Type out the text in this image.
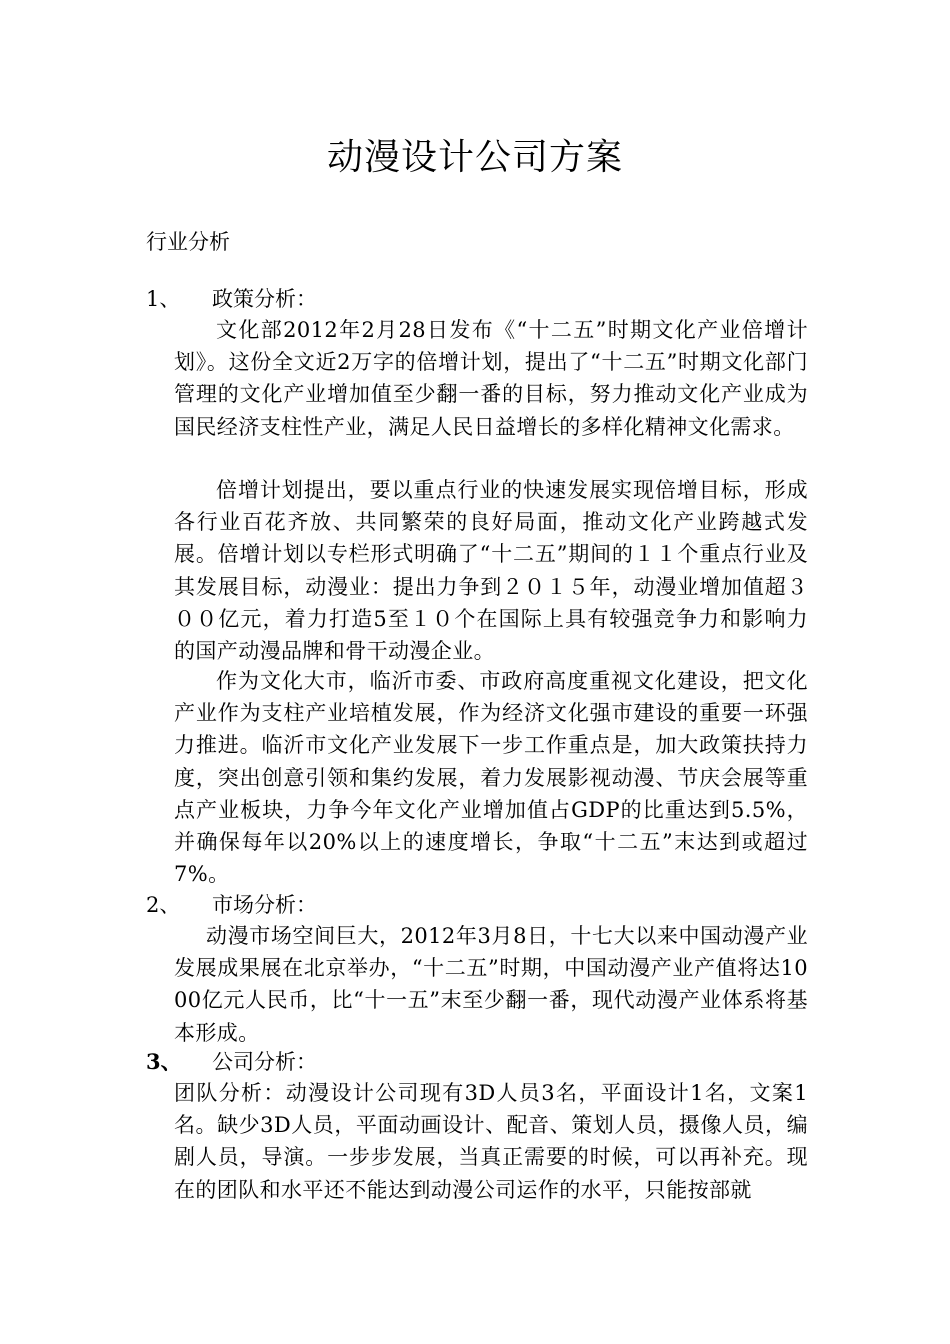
动漫设计公司方案
行业分析
1、 政策分析：
文化部2012年2月28日发布《“十二五”时期文化产业倍增计划》。这份全文近2万字的倍增计划，提出了“十二五”时期文化部门管理的文化产业增加值至少翻一番的目标，努力推动文化产业成为国民经济支柱性产业，满足人民日益增长的多样化精神文化需求。
倍增计划提出，要以重点行业的快速发展实现倍增目标，形成各行业百花齐放、共同繁荣的良好局面，推动文化产业跨越式发展。倍增计划以专栏形式明确了“十二五”期间的１１个重点行业及其发展目标，动漫业：提出力争到２０１５年，动漫业增加值超３００亿元，着力打造5至１０个在国际上具有较强竞争力和影响力的国产动漫品牌和骨干动漫企业。
作为文化大市，临沂市委、市政府高度重视文化建设，把文化产业作为支柱产业培植发展，作为经济文化强市建设的重要一环强力推进。临沂市文化产业发展下一步工作重点是，加大政策扶持力度，突出创意引领和集约发展，着力发展影视动漫、节庆会展等重点产业板块，力争今年文化产业增加值占GDP的比重达到5.5%，并确保每年以20%以上的速度增长，争取“十二五”末达到或超过7%。
2、 市场分析：
动漫市场空间巨大，2012年3月8日，十七大以来中国动漫产业发展成果展在北京举办，“十二五”时期，中国动漫产业产值将达1000亿元人民币，比“十一五”末至少翻一番，现代动漫产业体系将基本形成。
3、 公司分析：
团队分析：动漫设计公司现有3D人员3名，平面设计1名，文案1名。缺少3D人员，平面动画设计、配音、策划人员，摄像人员，编剧人员，导演。一步步发展，当真正需要的时候，可以再补充。现在的团队和水平还不能达到动漫公司运作的水平，只能按部就
